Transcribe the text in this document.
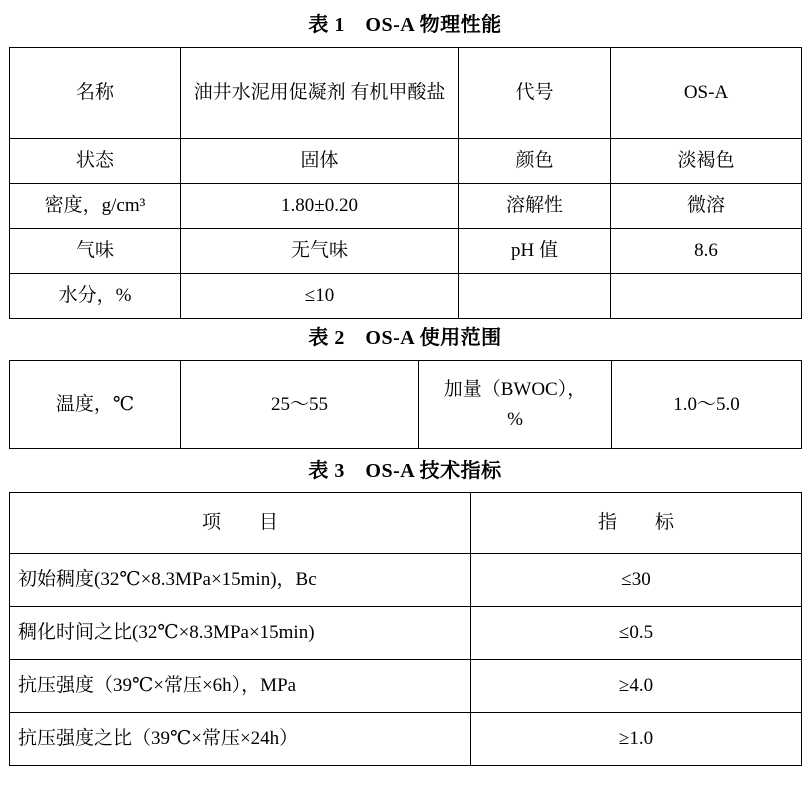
表 1　OS-A 物理性能
名称	油井水泥用促凝剂 有机甲酸盐	代号	OS-A
状态	固体	颜色	淡褐色
密度，g/cm³	1.80±0.20	溶解性	微溶
气味	无气味	pH 值	8.6
水分，%	≤10		
表 2　OS-A 使用范围
温度，℃	25～55	加量（BWOC），%	1.0～5.0
表 3　OS-A 技术指标
项　　目	指　　标
初始稠度(32℃×8.3MPa×15min)，Bc	≤30
稠化时间之比(32℃×8.3MPa×15min)	≤0.5
抗压强度（39℃×常压×6h），MPa	≥4.0
抗压强度之比（39℃×常压×24h）	≥1.0
